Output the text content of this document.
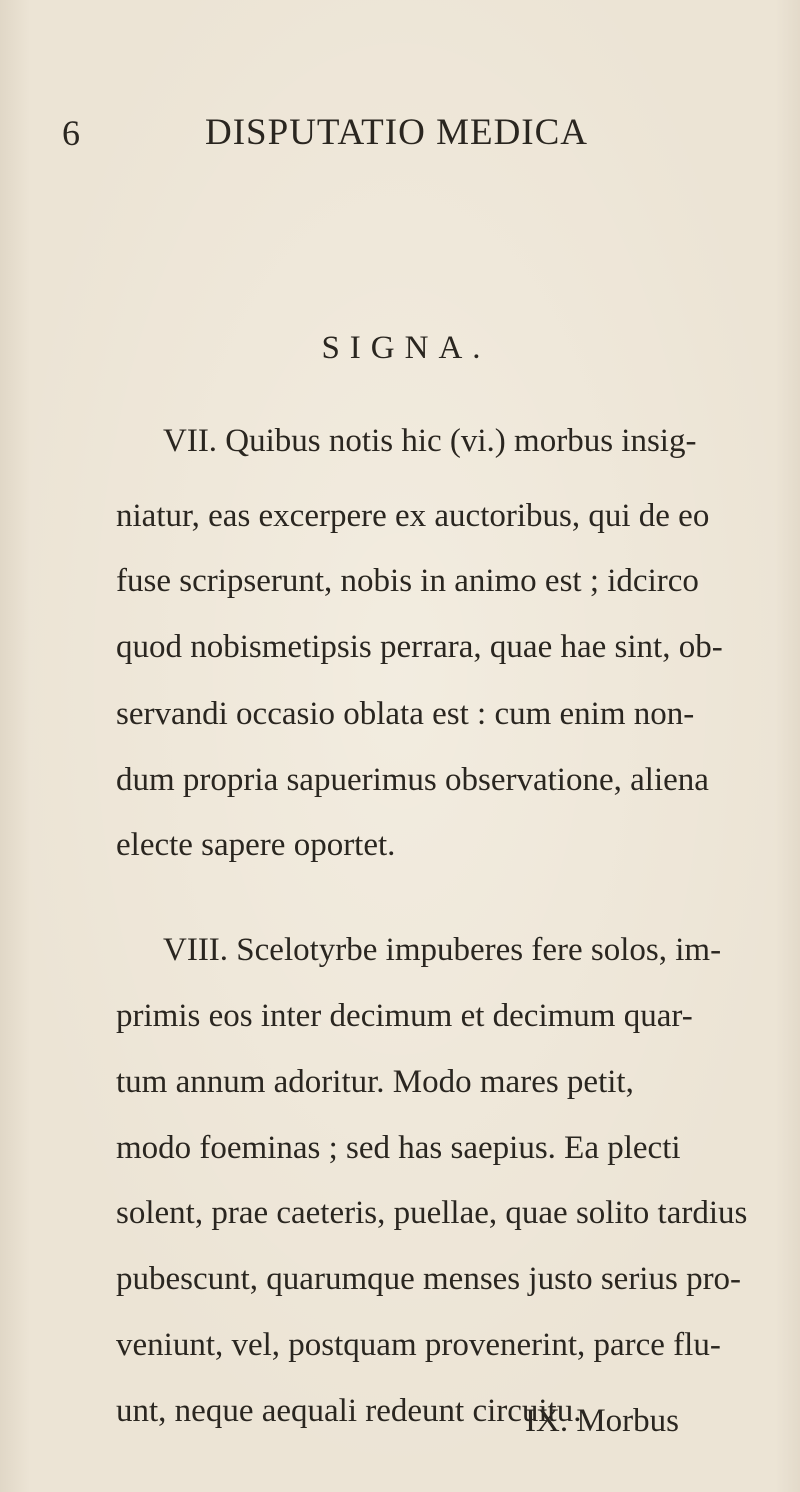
6	DISPUTATIO MEDICA
SIGNA.
VII. Quibus notis hic (vi.) morbus insig-
niatur, eas excerpere ex auctoribus, qui de eo
fuse scripserunt, nobis in animo est ; idcirco
quod nobismetipsis perrara, quae hae sint, ob-
servandi occasio oblata est : cum enim non-
dum propria sapuerimus observatione, aliena
electe sapere oportet.
VIII. Scelotyrbe impuberes fere solos, im-
primis eos inter decimum et decimum quar-
tum annum adoritur. Modo mares petit,
modo foeminas ; sed has saepius. Ea plecti
solent, prae caeteris, puellae, quae solito tardius
pubescunt, quarumque menses justo serius pro-
veniunt, vel, postquam provenerint, parce flu-
unt, neque aequali redeunt circuitu.
IX. Morbus
